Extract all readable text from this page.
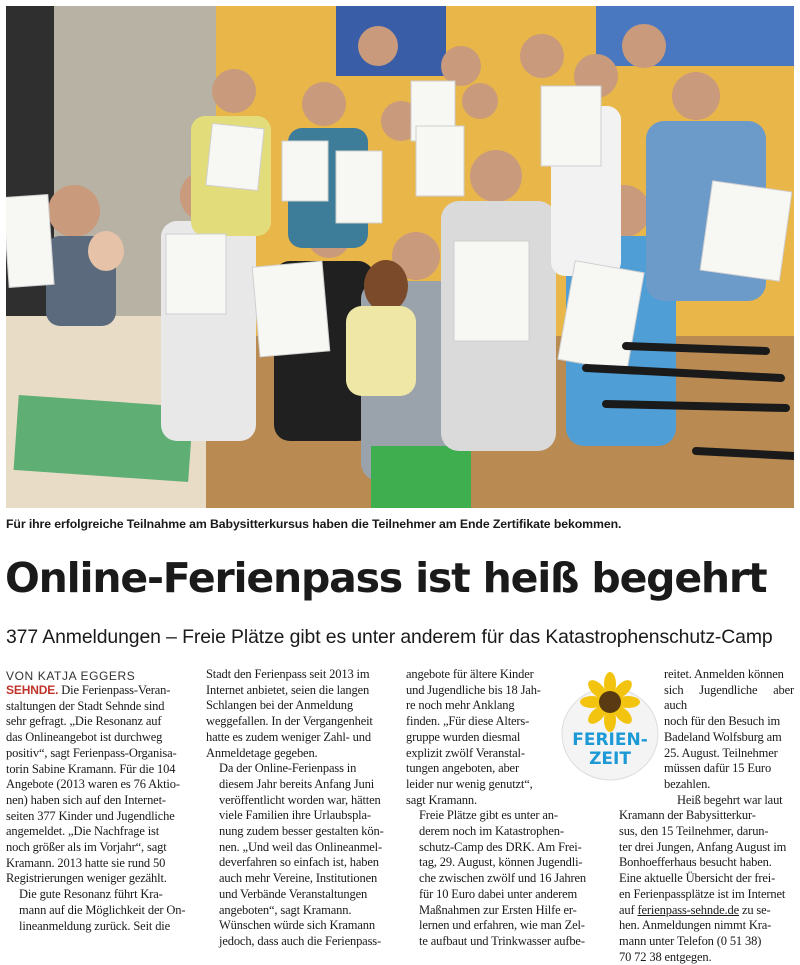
Für ihre erfolgreiche Teilnahme am Babysitterkursus haben die Teilnehmer am Ende Zertifikate bekommen.
Online-Ferienpass ist heiß begehrt
377 Anmeldungen – Freie Plätze gibt es unter anderem für das Katastrophenschutz-Camp
VON KATJA EGGERS

SEHNDE. Die Ferienpass-Veran-
staltungen der Stadt Sehnde sind
sehr gefragt. „Die Resonanz auf
das Onlineangebot ist durchweg
positiv“, sagt Ferienpass-Organisa-
torin Sabine Kramann. Für die 104
Angebote (2013 waren es 76 Aktio-
nen) haben sich auf den Internet-
seiten 377 Kinder und Jugendliche
angemeldet. „Die Nachfrage ist
noch größer als im Vorjahr“, sagt
Kramann. 2013 hatte sie rund 50
Registrierungen weniger gezählt.

Die gute Resonanz führt Kra-
mann auf die Möglichkeit der On-
lineanmeldung zurück. Seit die

Stadt den Ferienpass seit 2013 im
Internet anbietet, seien die langen
Schlangen bei der Anmeldung
weggefallen. In der Vergangenheit
hatte es zudem weniger Zahl- und
Anmeldetage gegeben.

Da der Online-Ferienpass in
diesem Jahr bereits Anfang Juni
veröffentlicht worden war, hätten
viele Familien ihre Urlaubspla-
nung zudem besser gestalten kön-
nen. „Und weil das Onlineanmel-
deverfahren so einfach ist, haben
auch mehr Vereine, Institutionen
und Verbände Veranstaltungen
angeboten“, sagt Kramann.

Wünschen würde sich Kramann
jedoch, dass auch die Ferienpass-

angebote für ältere Kinder
und Jugendliche bis 18 Jah-
re noch mehr Anklang
finden. „Für diese Alters-
gruppe wurden diesmal
explizit zwölf Veranstal-
tungen angeboten, aber
leider nur wenig genutzt“,
sagt Kramann.

Freie Plätze gibt es unter an-
derem noch im Katastrophen-
schutz-Camp des DRK. Am Frei-
tag, 29. August, können Jugendli-
che zwischen zwölf und 16 Jahren
für 10 Euro dabei unter anderem
Maßnahmen zur Ersten Hilfe er-
lernen und erfahren, wie man Zel-
te aufbaut und Trinkwasser aufbe-

FERIEN-
ZEIT

reitet. Anmelden können
sich Jugendliche aber auch
noch für den Besuch im
Badeland Wolfsburg am
25. August. Teilnehmer
müssen dafür 15 Euro
bezahlen.

Heiß begehrt war laut
Kramann der Babysitterkur-
sus, den 15 Teilnehmer, darun-
ter drei Jungen, Anfang August im
Bonhoefferhaus besucht haben.

Eine aktuelle Übersicht der frei-
en Ferienpassplätze ist im Internet
auf ferienpass-sehnde.de zu se-
hen. Anmeldungen nimmt Kra-
mann unter Telefon (0 51 38)
70 72 38 entgegen.
